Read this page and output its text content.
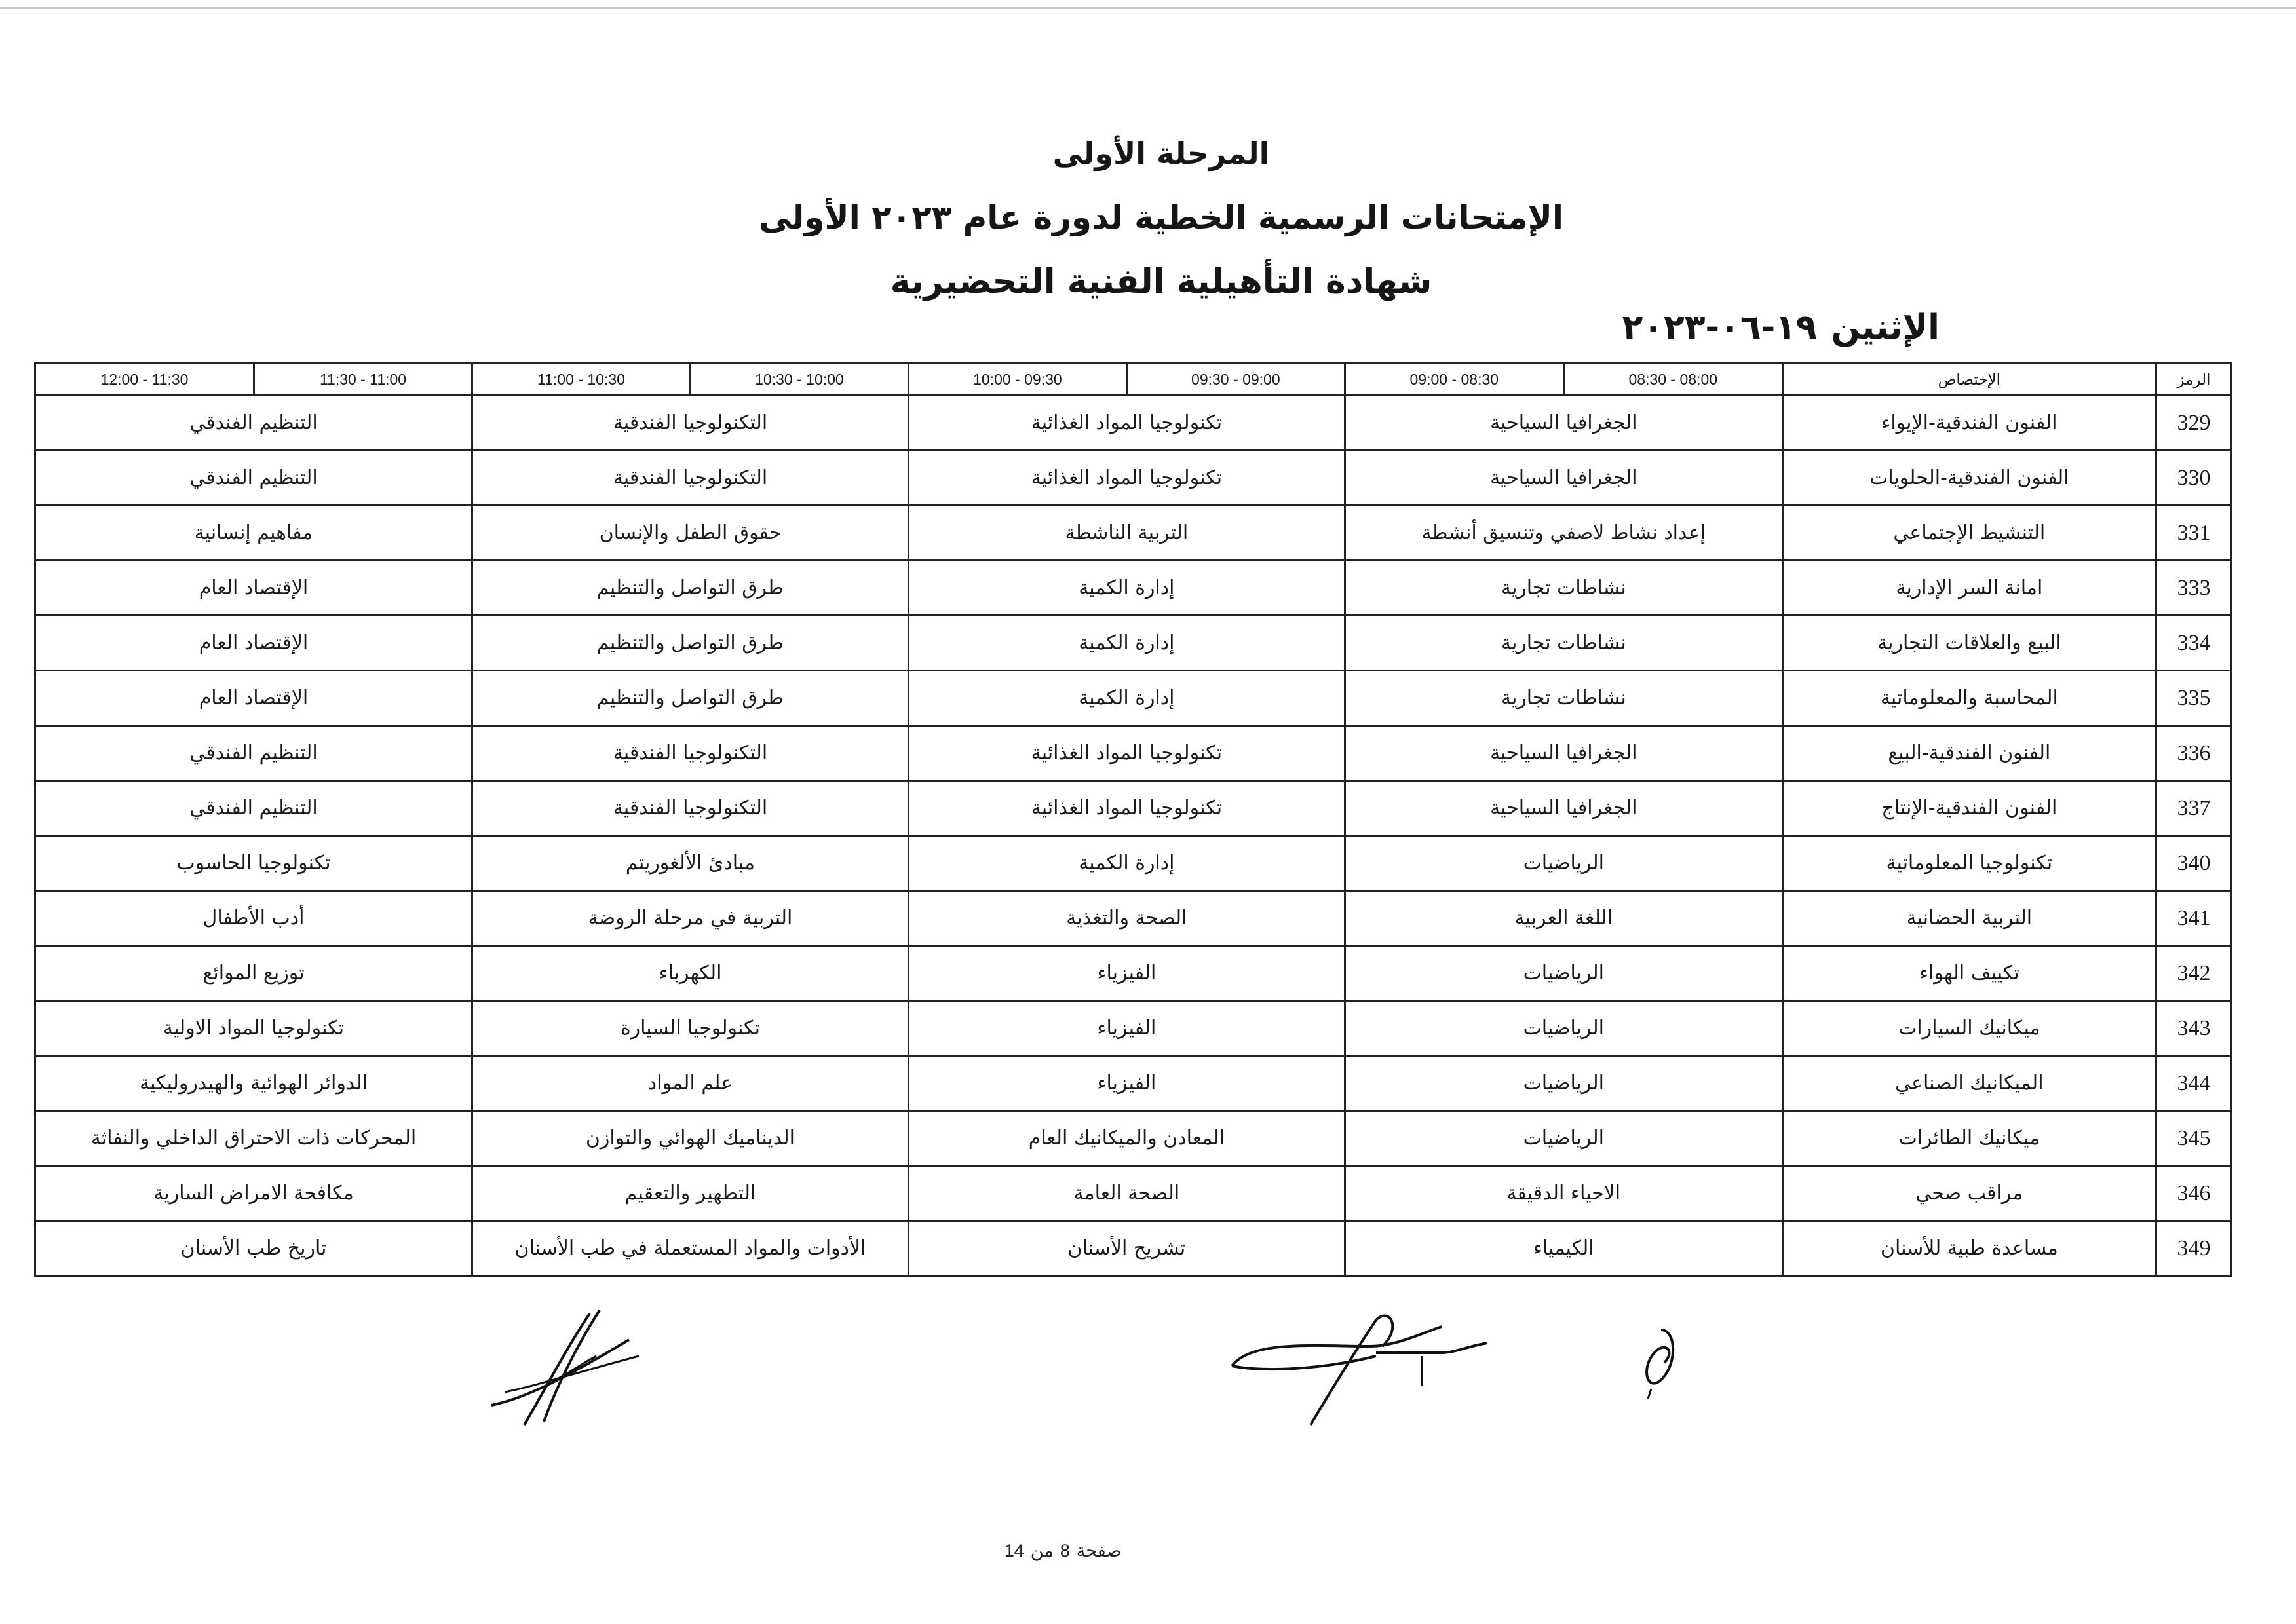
المرحلة الأولى
الإمتحانات الرسمية الخطية لدورة عام ٢٠٢٣ الأولى
شهادة التأهيلية الفنية التحضيرية
الإثنين١٩-٠٦-٢٠٢٣
الرمز	الإختصاص	08:00 - 08:30	08:30 - 09:00	09:00 - 09:30	09:30 - 10:00	10:00 - 10:30	10:30 - 11:00	11:00 - 11:30	11:30 - 12:00
329	الفنون الفندقية-الإيواء	الجغرافيا السياحية		تكنولوجيا المواد الغذائية		التكنولوجيا الفندقية		التنظيم الفندقي	
330	الفنون الفندقية-الحلويات	الجغرافيا السياحية		تكنولوجيا المواد الغذائية		التكنولوجيا الفندقية		التنظيم الفندقي	
331	التنشيط الإجتماعي	إعداد نشاط لاصفي وتنسيق أنشطة		التربية الناشطة		حقوق الطفل والإنسان		مفاهيم إنسانية	
333	امانة السر الإدارية	نشاطات تجارية		إدارة الكمية		طرق التواصل والتنظيم		الإقتصاد العام	
334	البيع والعلاقات التجارية	نشاطات تجارية		إدارة الكمية		طرق التواصل والتنظيم		الإقتصاد العام	
335	المحاسبة والمعلوماتية	نشاطات تجارية		إدارة الكمية		طرق التواصل والتنظيم		الإقتصاد العام	
336	الفنون الفندقية-البيع	الجغرافيا السياحية		تكنولوجيا المواد الغذائية		التكنولوجيا الفندقية		التنظيم الفندقي	
337	الفنون الفندقية-الإنتاج	الجغرافيا السياحية		تكنولوجيا المواد الغذائية		التكنولوجيا الفندقية		التنظيم الفندقي	
340	تكنولوجيا المعلوماتية	الرياضيات		إدارة الكمية		مبادئ الألغوريتم		تكنولوجيا الحاسوب	
341	التربية الحضانية	اللغة العربية		الصحة والتغذية		التربية في مرحلة الروضة		أدب الأطفال	
342	تكييف الهواء	الرياضيات		الفيزياء		الكهرباء		توزيع الموائع	
343	ميكانيك السيارات	الرياضيات		الفيزياء		تكنولوجيا السيارة		تكنولوجيا المواد الاولية	
344	الميكانيك الصناعي	الرياضيات		الفيزياء		علم المواد		الدوائر الهوائية والهيدروليكية	
345	ميكانيك الطائرات	الرياضيات		المعادن والميكانيك العام		الديناميك الهوائي والتوازن		المحركات ذات الاحتراق الداخلي والنفاثة	
346	مراقب صحي	الاحياء الدقيقة		الصحة العامة		التطهير والتعقيم		مكافحة الامراض السارية	
349	مساعدة طبية للأسنان	الكيمياء		تشريح الأسنان		الأدوات والمواد المستعملة في طب الأسنان		تاريخ طب الأسنان	
صفحة8من14
